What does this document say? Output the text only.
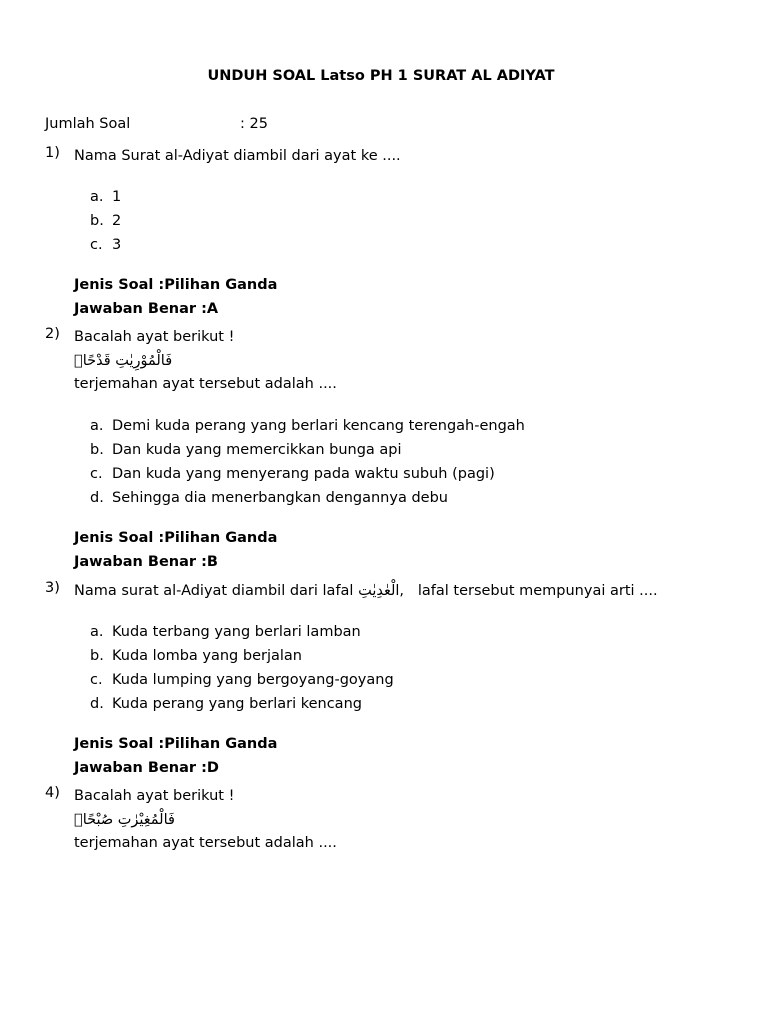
UNDUH SOAL Latso PH 1 SURAT AL ADIYAT
Jumlah Soal	: 25
1) Nama Surat al-Adiyat diambil dari ayat ke ....
a. 1
b. 2
c. 3
Jenis Soal :Pilihan Ganda
Jawaban Benar :A
2) Bacalah ayat berikut !
فَالْمُوْرِيٰتِ قَدْحًاۙ
terjemahan ayat tersebut adalah ....
a. Demi kuda perang yang berlari kencang terengah-engah
b. Dan kuda yang memercikkan bunga api
c. Dan kuda yang menyerang pada waktu subuh (pagi)
d. Sehingga dia menerbangkan dengannya debu
Jenis Soal :Pilihan Ganda
Jawaban Benar :B
3) Nama surat al-Adiyat diambil dari lafal الْعٰدِيٰتِ,   lafal tersebut mempunyai arti ....
a. Kuda terbang yang berlari lamban
b. Kuda lomba yang berjalan
c. Kuda lumping yang bergoyang-goyang
d. Kuda perang yang berlari kencang
Jenis Soal :Pilihan Ganda
Jawaban Benar :D
4) Bacalah ayat berikut !
فَالْمُغِيْرٰتِ صُبْحًاۙ
terjemahan ayat tersebut adalah ....
